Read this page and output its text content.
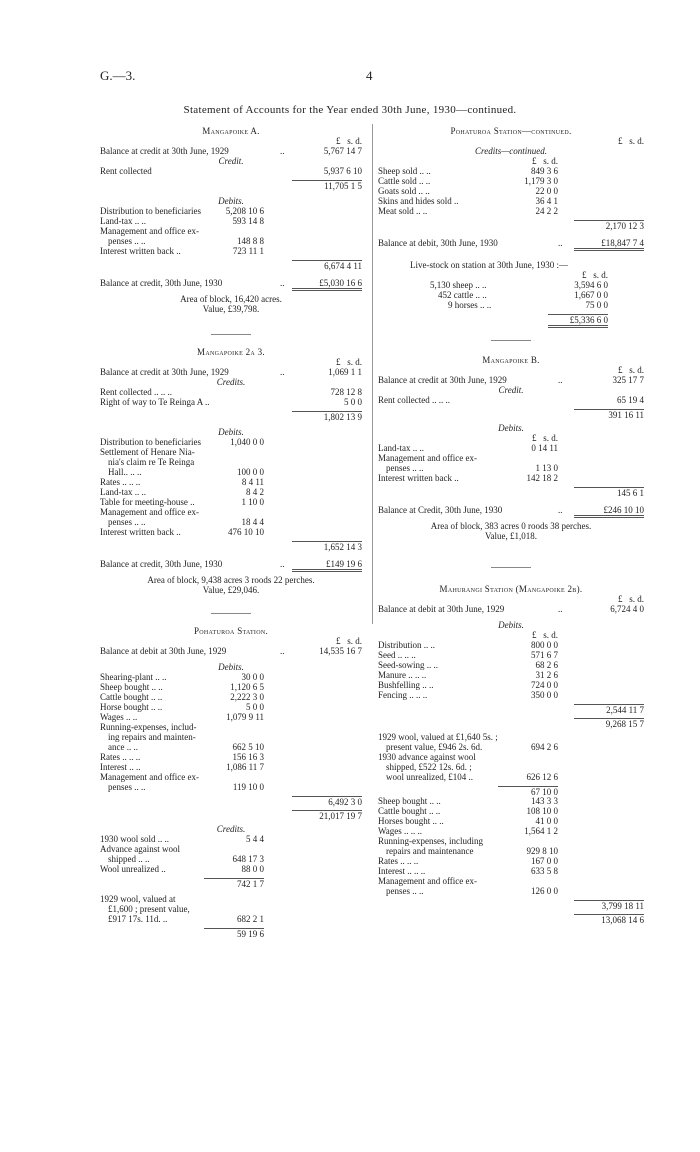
G.—3.	4
Statement of Accounts for the Year ended 30th June, 1930—continued.
Mangapoike A.
£ s. d.
Balance at credit at 30th June, 1929	..	5,767 14 7
Credit.
Rent collected	5,937 6 10
11,705 1 5
Debits.
Distribution to beneficiaries	5,208 10 6
Land-tax .. ..	593 14 8
Management and office ex-
penses .. ..	148 8 8
Interest written back ..	723 11 1
6,674 4 11
Balance at credit, 30th June, 1930	..	£5,030 16 6
Area of block, 16,420 acres.
Value, £39,798.
Mangapoike 2a 3.
£ s. d.
Balance at credit at 30th June, 1929	..	1,069 1 1
Credits.
Rent collected .. .. ..	728 12 8
Right of way to Te Reinga A ..	5 0 0
1,802 13 9
Debits.
Distribution to beneficiaries	1,040 0 0
Settlement of Henare Nia-
nia's claim re Te Reinga
Hall.. .. ..	100 0 0
Rates .. .. ..	8 4 11
Land-tax .. ..	8 4 2
Table for meeting-house ..	1 10 0
Management and office ex-
penses .. ..	18 4 4
Interest written back ..	476 10 10
1,652 14 3
Balance at credit, 30th June, 1930	..	£149 19 6
Area of block, 9,438 acres 3 roods 22 perches.
Value, £29,046.
Pohaturoa Station.
£ s. d.
Balance at debit at 30th June, 1929	..	14,535 16 7
Debits.
Shearing-plant .. ..	30 0 0
Sheep bought .. ..	1,120 6 5
Cattle bought .. ..	2,222 3 0
Horse bought .. ..	5 0 0
Wages .. ..	1,079 9 11
Running-expenses, includ-
ing repairs and mainten-
ance .. ..	662 5 10
Rates .. .. ..	156 16 3
Interest .. ..	1,086 11 7
Management and office ex-
penses .. ..	119 10 0
6,492 3 0
21,017 19 7
Credits.
1930 wool sold .. ..	5 4 4
Advance against wool
shipped .. ..	648 17 3
Wool unrealized ..	88 0 0
742 1 7
1929 wool, valued at
£1,600 ; present value,
£917 17s. 11d. ..	682 2 1
59 19 6
Pohaturoa Station—continued.
£ s. d.
Credits—continued.
£ s. d.
Sheep sold .. ..	849 3 6
Cattle sold .. ..	1,179 3 0
Goats sold .. ..	22 0 0
Skins and hides sold ..	36 4 1
Meat sold .. ..	24 2 2
2,170 12 3
Balance at debit, 30th June, 1930	..	£18,847 7 4
Live-stock on station at 30th June, 1930 :—
£ s. d.
5,130 sheep .. ..	3,594 6 0
452 cattle .. ..	1,667 0 0
9 horses .. ..	75 0 0
£5,336 6 0
Mangapoike B.
£ s. d.
Balance at credit at 30th June, 1929	..	325 17 7
Credit.
Rent collected .. .. ..	65 19 4
391 16 11
Debits.
£ s. d.
Land-tax .. ..	0 14 11
Management and office ex-
penses .. ..	1 13 0
Interest written back ..	142 18 2
145 6 1
Balance at Credit, 30th June, 1930	..	£246 10 10
Area of block, 383 acres 0 roods 38 perches.
Value, £1,018.
Mahurangi Station (Mangapoike 2b).
£ s. d.
Balance at debit at 30th June, 1929	..	6,724 4 0
Debits.
£ s. d.
Distribution .. ..	800 0 0
Seed .. .. ..	571 6 7
Seed-sowing .. ..	68 2 6
Manure .. .. ..	31 2 6
Bushfelling .. ..	724 0 0
Fencing .. .. ..	350 0 0
2,544 11 7
9,268 15 7
1929 wool, valued at £1,640 5s. ;
present value, £946 2s. 6d.	694 2 6
1930 advance against wool
shipped, £522 12s. 6d. ;
wool unrealized, £104 ..	626 12 6
67 10 0
Sheep bought .. ..	143 3 3
Cattle bought .. ..	108 10 0
Horses bought .. ..	41 0 0
Wages .. .. ..	1,564 1 2
Running-expenses, including
repairs and maintenance	929 8 10
Rates .. .. ..	167 0 0
Interest .. .. ..	633 5 8
Management and office ex-
penses .. ..	126 0 0
3,799 18 11
13,068 14 6
